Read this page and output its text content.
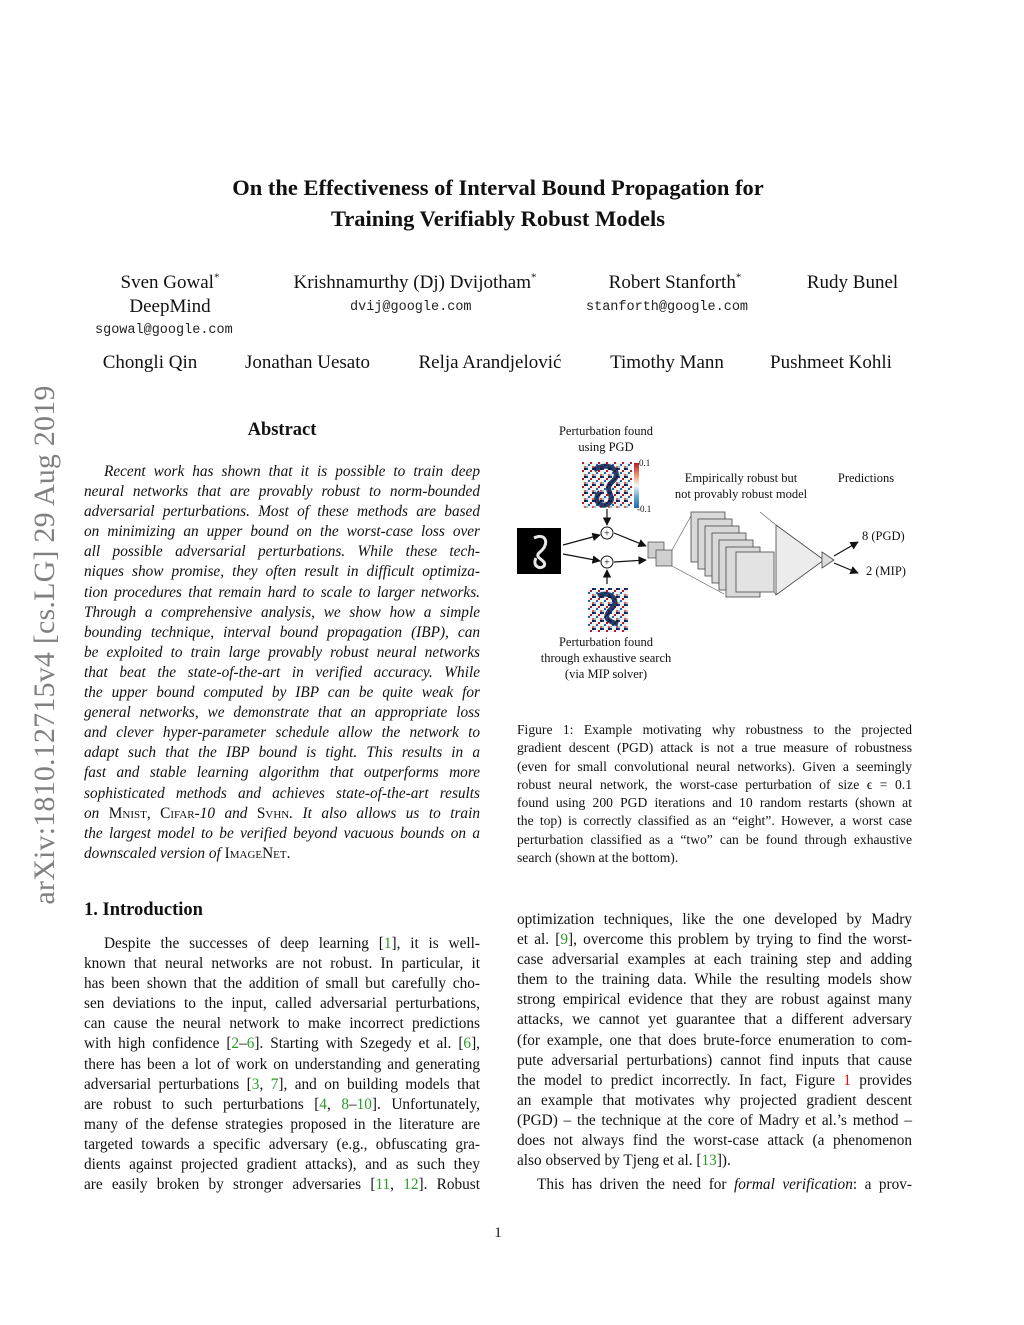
arXiv:1810.12715v4 [cs.LG] 29 Aug 2019
On the Effectiveness of Interval Bound Propagation for
Training Verifiably Robust Models
Sven Gowal*	Krishnamurthy (Dj) Dvijotham*	Robert Stanforth*	Rudy Bunel
DeepMind
sgowal@google.com
dvij@google.com	stanforth@google.com
Chongli Qin	Jonathan Uesato	Relja Arandjelović	Timothy Mann	Pushmeet Kohli
Abstract
Recent work has shown that it is possible to train deep
neural networks that are provably robust to norm-bounded
adversarial perturbations. Most of these methods are based
on minimizing an upper bound on the worst-case loss over
all possible adversarial perturbations. While these tech-
niques show promise, they often result in difficult optimiza-
tion procedures that remain hard to scale to larger networks.
Through a comprehensive analysis, we show how a simple
bounding technique, interval bound propagation (IBP), can
be exploited to train large provably robust neural networks
that beat the state-of-the-art in verified accuracy. While
the upper bound computed by IBP can be quite weak for
general networks, we demonstrate that an appropriate loss
and clever hyper-parameter schedule allow the network to
adapt such that the IBP bound is tight. This results in a
fast and stable learning algorithm that outperforms more
sophisticated methods and achieves state-of-the-art results
on Mnist, Cifar-10 and Svhn. It also allows us to train
the largest model to be verified beyond vacuous bounds on a
downscaled version of ImageNet.
1. Introduction
Despite the successes of deep learning [1], it is well-
known that neural networks are not robust. In particular, it
has been shown that the addition of small but carefully cho-
sen deviations to the input, called adversarial perturbations,
can cause the neural network to make incorrect predictions
with high confidence [2–6]. Starting with Szegedy et al. [6],
there has been a lot of work on understanding and generating
adversarial perturbations [3, 7], and on building models that
are robust to such perturbations [4, 8–10]. Unfortunately,
many of the defense strategies proposed in the literature are
targeted towards a specific adversary (e.g., obfuscating gra-
dients against projected gradient attacks), and as such they
are easily broken by stronger adversaries [11, 12]. Robust
0.1
-0.1
+
+
Perturbation found
using PGD
Empirically robust but
not provably robust model
Predictions
8 (PGD)
2 (MIP)
Perturbation found
through exhaustive search
(via MIP solver)
Figure 1: Example motivating why robustness to the projected
gradient descent (PGD) attack is not a true measure of robustness
(even for small convolutional neural networks). Given a seemingly
robust neural network, the worst-case perturbation of size ϵ = 0.1
found using 200 PGD iterations and 10 random restarts (shown at
the top) is correctly classified as an “eight”. However, a worst case
perturbation classified as a “two” can be found through exhaustive
search (shown at the bottom).
optimization techniques, like the one developed by Madry
et al. [9], overcome this problem by trying to find the worst-
case adversarial examples at each training step and adding
them to the training data. While the resulting models show
strong empirical evidence that they are robust against many
attacks, we cannot yet guarantee that a different adversary
(for example, one that does brute-force enumeration to com-
pute adversarial perturbations) cannot find inputs that cause
the model to predict incorrectly. In fact, Figure 1 provides
an example that motivates why projected gradient descent
(PGD) – the technique at the core of Madry et al.’s method –
does not always find the worst-case attack (a phenomenon
also observed by Tjeng et al. [13]).
This has driven the need for formal verification: a prov-
1
